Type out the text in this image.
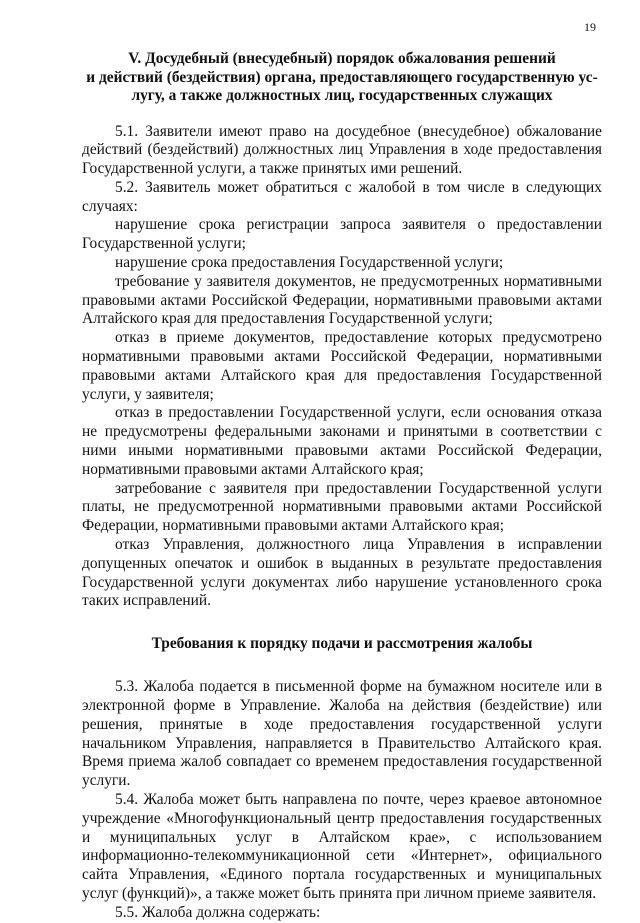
19
V. Досудебный (внесудебный) порядок обжалования решений
и действий (бездействия) органа, предоставляющего государственную ус-
лугу, а также должностных лиц, государственных служащих

5.1. Заявители имеют право на досудебное (внесудебное) обжалование действий (бездействий) должностных лиц Управления в ходе предоставления Государственной услуги, а также принятых ими решений.

5.2. Заявитель может обратиться с жалобой в том числе в следующих случаях:

нарушение срока регистрации запроса заявителя о предоставлении Государственной услуги;

нарушение срока предоставления Государственной услуги;

требование у заявителя документов, не предусмотренных нормативными правовыми актами Российской Федерации, нормативными правовыми актами Алтайского края для предоставления Государственной услуги;

отказ в приеме документов, предоставление которых предусмотрено нормативными правовыми актами Российской Федерации, нормативными правовыми актами Алтайского края для предоставления Государственной услуги, у заявителя;

отказ в предоставлении Государственной услуги, если основания отказа не предусмотрены федеральными законами и принятыми в соответствии с ними иными нормативными правовыми актами Российской Федерации, нормативными правовыми актами Алтайского края;

затребование с заявителя при предоставлении Государственной услуги платы, не предусмотренной нормативными правовыми актами Российской Федерации, нормативными правовыми актами Алтайского края;

отказ Управления, должностного лица Управления в исправлении допущенных опечаток и ошибок в выданных в результате предоставления Государственной услуги документах либо нарушение установленного срока таких исправлений.

Требования к порядку подачи и рассмотрения жалобы

5.3. Жалоба подается в письменной форме на бумажном носителе или в электронной форме в Управление. Жалоба на действия (бездействие) или решения, принятые в ходе предоставления государственной услуги начальником Управления, направляется в Правительство Алтайского края. Время приема жалоб совпадает со временем предоставления государственной услуги.

5.4. Жалоба может быть направлена по почте, через краевое автономное учреждение «Многофункциональный центр предоставления государственных и муниципальных услуг в Алтайском крае», с использованием информационно-телекоммуникационной сети «Интернет», официального сайта Управления, «Единого портала государственных и муниципальных услуг (функций)», а также может быть принята при личном приеме заявителя.

5.5. Жалоба должна содержать:
